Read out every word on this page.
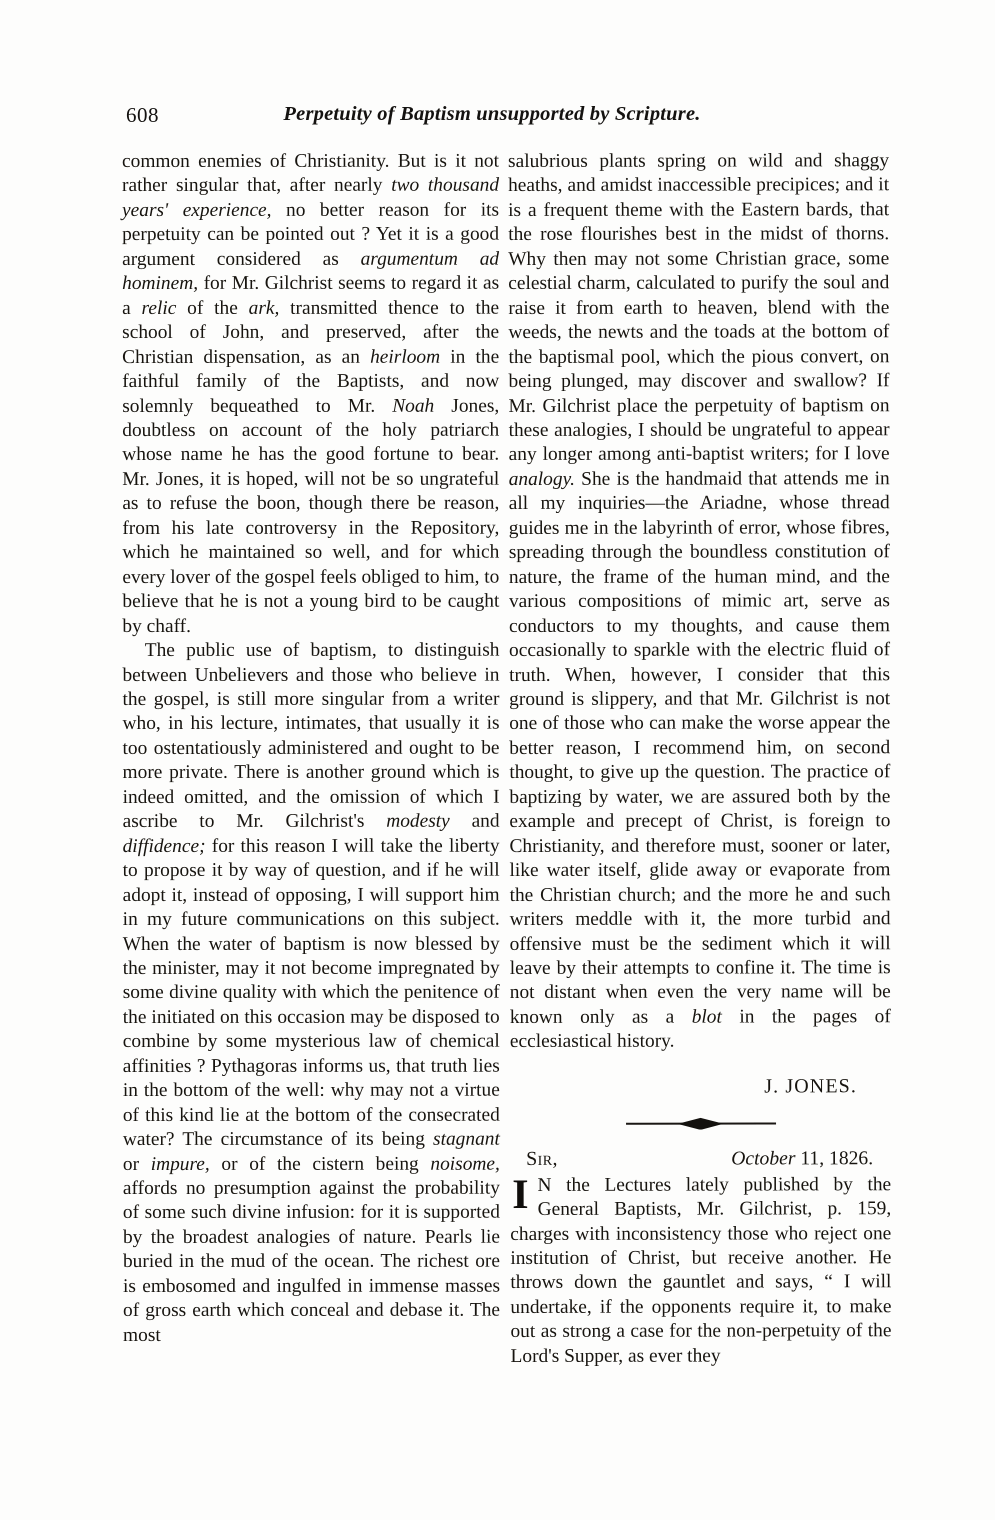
608	Perpetuity of Baptism unsupported by Scripture.

common enemies of Christianity. But is it not rather singular that, after nearly two thousand years' experience, no better reason for its perpetuity can be pointed out ? Yet it is a good argument considered as argumentum ad hominem, for Mr. Gilchrist seems to regard it as a relic of the ark, transmitted thence to the school of John, and preserved, after the Christian dispensation, as an heirloom in the faithful family of the Baptists, and now solemnly bequeathed to Mr. Noah Jones, doubtless on account of the holy patriarch whose name he has the good fortune to bear. Mr. Jones, it is hoped, will not be so ungrateful as to refuse the boon, though there be reason, from his late controversy in the Repository, which he maintained so well, and for which every lover of the gospel feels obliged to him, to believe that he is not a young bird to be caught by chaff.

The public use of baptism, to distinguish between Unbelievers and those who believe in the gospel, is still more singular from a writer who, in his lecture, intimates, that usually it is too ostentatiously administered and ought to be more private. There is another ground which is indeed omitted, and the omission of which I ascribe to Mr. Gilchrist's modesty and diffidence; for this reason I will take the liberty to propose it by way of question, and if he will adopt it, instead of opposing, I will support him in my future communications on this subject. When the water of baptism is now blessed by the minister, may it not become impregnated by some divine quality with which the penitence of the initiated on this occasion may be disposed to combine by some mysterious law of chemical affinities ? Pythagoras informs us, that truth lies in the bottom of the well: why may not a virtue of this kind lie at the bottom of the consecrated water? The circumstance of its being stagnant or impure, or of the cistern being noisome, affords no presumption against the probability of some such divine infusion: for it is supported by the broadest analogies of nature. Pearls lie buried in the mud of the ocean. The richest ore is embosomed and ingulfed in immense masses of gross earth which conceal and debase it. The most

salubrious plants spring on wild and shaggy heaths, and amidst inaccessible precipices; and it is a frequent theme with the Eastern bards, that the rose flourishes best in the midst of thorns. Why then may not some Christian grace, some celestial charm, calculated to purify the soul and raise it from earth to heaven, blend with the weeds, the newts and the toads at the bottom of the baptismal pool, which the pious convert, on being plunged, may discover and swallow? If Mr. Gilchrist place the perpetuity of baptism on these analogies, I should be ungrateful to appear any longer among anti-baptist writers; for I love analogy. She is the handmaid that attends me in all my inquiries—the Ariadne, whose thread guides me in the labyrinth of error, whose fibres, spreading through the boundless constitution of nature, the frame of the human mind, and the various compositions of mimic art, serve as conductors to my thoughts, and cause them occasionally to sparkle with the electric fluid of truth. When, however, I consider that this ground is slippery, and that Mr. Gilchrist is not one of those who can make the worse appear the better reason, I recommend him, on second thought, to give up the question. The practice of baptizing by water, we are assured both by the example and precept of Christ, is foreign to Christianity, and therefore must, sooner or later, like water itself, glide away or evaporate from the Christian church; and the more he and such writers meddle with it, the more turbid and offensive must be the sediment which it will leave by their attempts to confine it. The time is not distant when even the very name will be known only as a blot in the pages of ecclesiastical history.

J. JONES.
Sir,	October 11, 1826.
I N the Lectures lately published by the General Baptists, Mr. Gilchrist, p. 159, charges with inconsistency those who reject one institution of Christ, but receive another. He throws down the gauntlet and says, “ I will undertake, if the opponents require it, to make out as strong a case for the non-perpetuity of the Lord's Supper, as ever they
